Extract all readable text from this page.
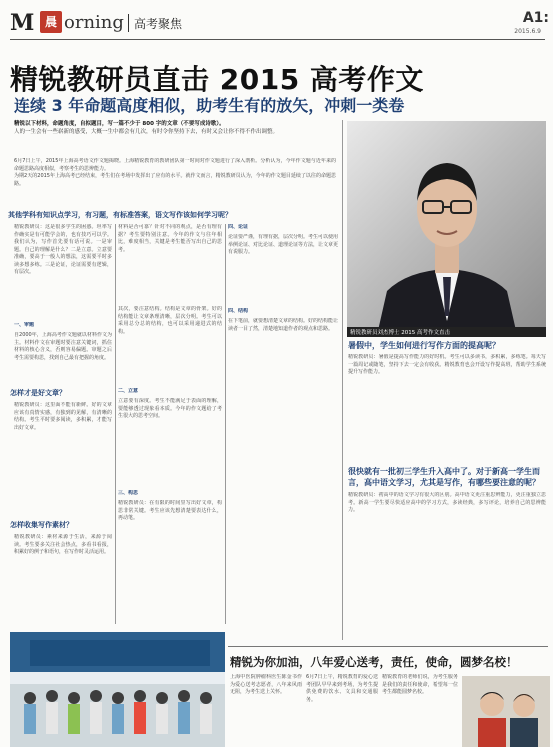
M 晨 orning 高考聚焦	A1:
2015.6.9
精锐教研员直击 2015 高考作文
连续 3 年命题高度相似，助考生有的放矢，冲刺一类卷
精锐以下材料，命题角度，自拟题目，写一篇不少于 800 字的文章（不要写成诗歌）。
人的一生会有一些崭新的感受，大概一生中都会有几次，有时令你坚持下去，有时又会让你不得不作出调整。
6月7日上午，2015年上海高考语文作文题揭晓。上海精锐教育的教研团队第一时间对作文题进行了深入剖析。分析认为，今年作文题与近年来的命题思路高度相似，考察考生的思辨能力。
为期2天的2015年上海高考已经结束，考生们在考场中发挥出了应有的水平。就作文而言，精锐教研员认为，今年的作文题目延续了以往的命题思路。
其他学科有知识点学习，有习题，有标准答案，语文写作该如何学习呢？
精锐教研员：这是很多学生的困惑。坦率写作确实是有可能学会的，也有技巧可以学。我们认为，写作首先要有话可说。一是审题。自己的理解是什么？二是立意。立意要准确，要高于一般人的想法，这需要平时多读多想多练。三是论证，论证需要有逻辑，有层次。
一、审题
自2000年，上海高考作文题就以材料作文为主。材料作文在审题时要注意关键词，抓住材料的核心含义，否则容易偏题。审题之后考生需要构思，找到自己最有把握的角度。
怎样才是好文章？
精锐教研员：这里面不能有新鲜。好的文章应该有真情实感，有独到的见解，有清晰的结构。考生平时要多阅读，多积累，才能写出好文章。
怎样收集写作素材？
精锐教研员：素材来源于生活，来源于阅读。考生要多关注社会热点，多看书看报，积累好的例子和语句，在写作时灵活运用。
材料是否可靠？针对不同的观点，是否有理有据？考生要特别注意。今年的作文与往年相比，难度相当，关键是考生能否写出自己的思考。
其次，要注意结构。结构是文章的骨架。好的结构能让文章条理清晰，层次分明。考生可以采用总分总的结构，也可以采用递进式的结构。
二、立意
立意要有深度。考生不能满足于表面的理解，要能够透过现象看本质。今年的作文题给了考生很大的思考空间。
三、构思
精锐教研员：在有限的时间里写出好文章，构思非常关键。考生应该先想清楚要表达什么，再动笔。
四、论证
论证要严谨，有理有据，层次分明。考生可以使用举例论证、对比论证、道理论证等方法，让文章更有说服力。
四、结构
在下笔前，就要想清楚文章的结构。好的结构能让读者一目了然，清楚地知道作者的观点和思路。
精锐教研员刘杰博士 2015 高考作文直击
暑假中，学生如何进行写作方面的提高呢？
精锐教研员：暑假是提高写作能力的好时机。考生可以多读书，多积累，多练笔。每天写一篇周记或随笔，坚持下去一定会有收获。精锐教育也会开设写作提高班，帮助学生系统提升写作能力。
很快就有一批初三学生升入高中了。对于新高一学生而言，高中语文学习，尤其是写作，有哪些要注意的呢？
精锐教研员：初高中的语文学习有很大的区别。高中语文更注重思辨能力，更注重独立思考。新高一学生要尽快适应高中的学习方式，多读经典，多写评论，培养自己的思辨能力。
精锐为你加油，八年爱心送考，责任，使命，圆梦名校！
上海中医院肿瘤科医生陈金书作为爱心送考志愿者，八年来风雨无阻，为考生送上关怀。
6月7日上午，精锐教育的爱心送考团队早早来到考场，为考生提供免费的饮水、文具和交通服务。
精锐教育的老师们说，为考生服务是我们的责任和使命，希望每一位考生都能圆梦名校。
